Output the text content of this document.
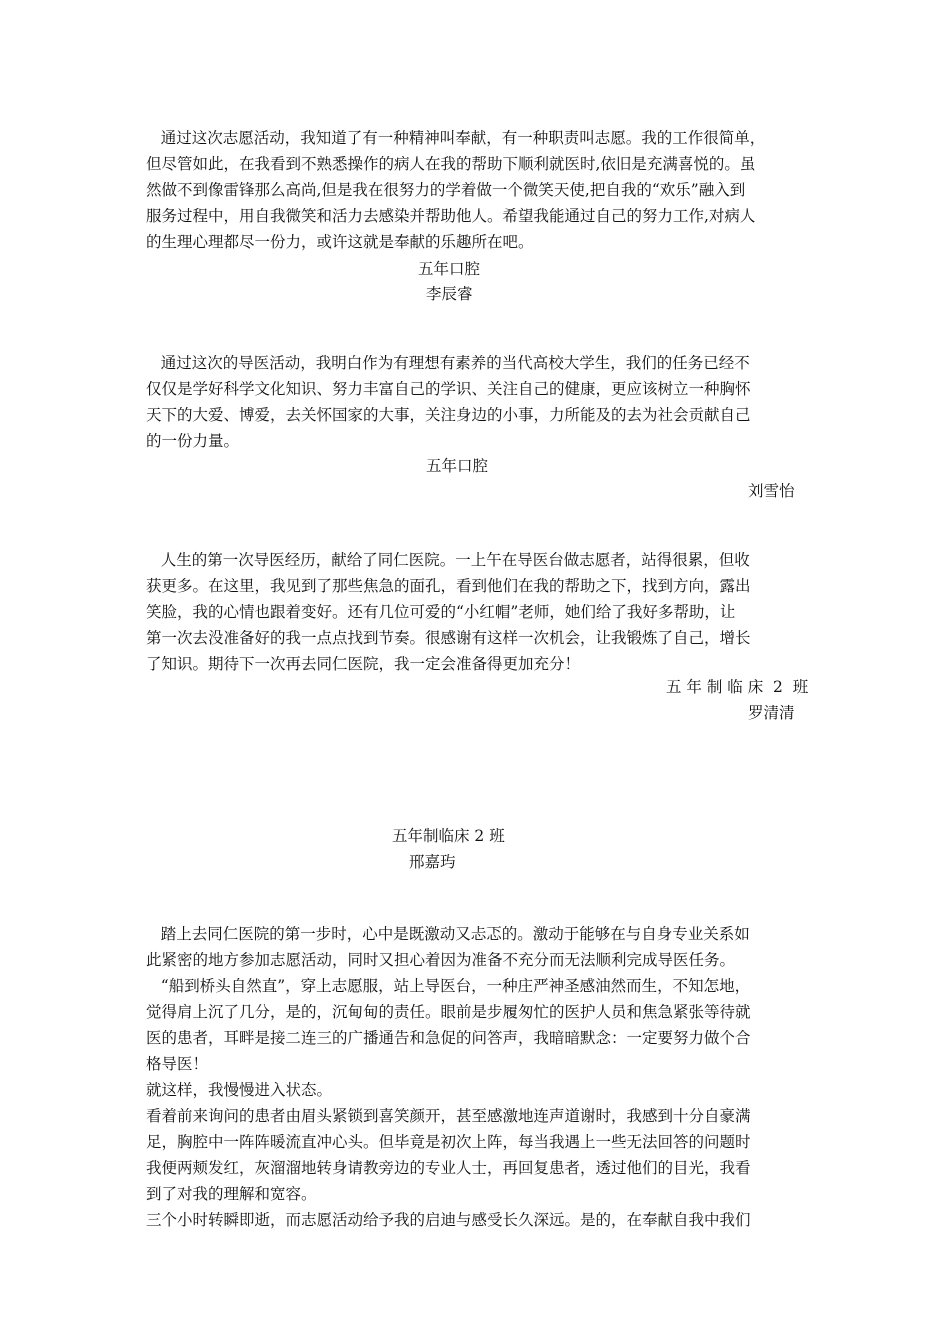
通过这次志愿活动，我知道了有一种精神叫奉献，有一种职责叫志愿。我的工作很简单，
但尽管如此，在我看到不熟悉操作的病人在我的帮助下顺利就医时,依旧是充满喜悦的。虽
然做不到像雷锋那么高尚,但是我在很努力的学着做一个微笑天使,把自我的“欢乐”融入到
服务过程中，用自我微笑和活力去感染并帮助他人。希望我能通过自己的努力工作,对病人
的生理心理都尽一份力，或许这就是奉献的乐趣所在吧。
五年口腔
李辰睿
通过这次的导医活动，我明白作为有理想有素养的当代高校大学生，我们的任务已经不
仅仅是学好科学文化知识、努力丰富自己的学识、关注自己的健康，更应该树立一种胸怀
天下的大爱、博爱，去关怀国家的大事，关注身边的小事，力所能及的去为社会贡献自己
的一份力量。
五年口腔
刘雪怡
人生的第一次导医经历，献给了同仁医院。一上午在导医台做志愿者，站得很累，但收
获更多。在这里，我见到了那些焦急的面孔，看到他们在我的帮助之下，找到方向，露出
笑脸，我的心情也跟着变好。还有几位可爱的“小红帽”老师，她们给了我好多帮助，让
第一次去没准备好的我一点点找到节奏。很感谢有这样一次机会，让我锻炼了自己，增长
了知识。期待下一次再去同仁医院，我一定会准备得更加充分！
五 年 制 临 床  2  班
罗清清
五年制临床 2 班
邢嘉玙
踏上去同仁医院的第一步时，心中是既激动又忐忑的。激动于能够在与自身专业关系如
此紧密的地方参加志愿活动，同时又担心着因为准备不充分而无法顺利完成导医任务。
“船到桥头自然直”，穿上志愿服，站上导医台，一种庄严神圣感油然而生，不知怎地，
觉得肩上沉了几分，是的，沉甸甸的责任。眼前是步履匆忙的医护人员和焦急紧张等待就
医的患者，耳畔是接二连三的广播通告和急促的问答声，我暗暗默念：一定要努力做个合
格导医！
就这样，我慢慢进入状态。
看着前来询问的患者由眉头紧锁到喜笑颜开，甚至感激地连声道谢时，我感到十分自豪满
足，胸腔中一阵阵暖流直冲心头。但毕竟是初次上阵，每当我遇上一些无法回答的问题时
我便两颊发红，灰溜溜地转身请教旁边的专业人士，再回复患者，透过他们的目光，我看
到了对我的理解和宽容。
三个小时转瞬即逝，而志愿活动给予我的启迪与感受长久深远。是的，在奉献自我中我们
